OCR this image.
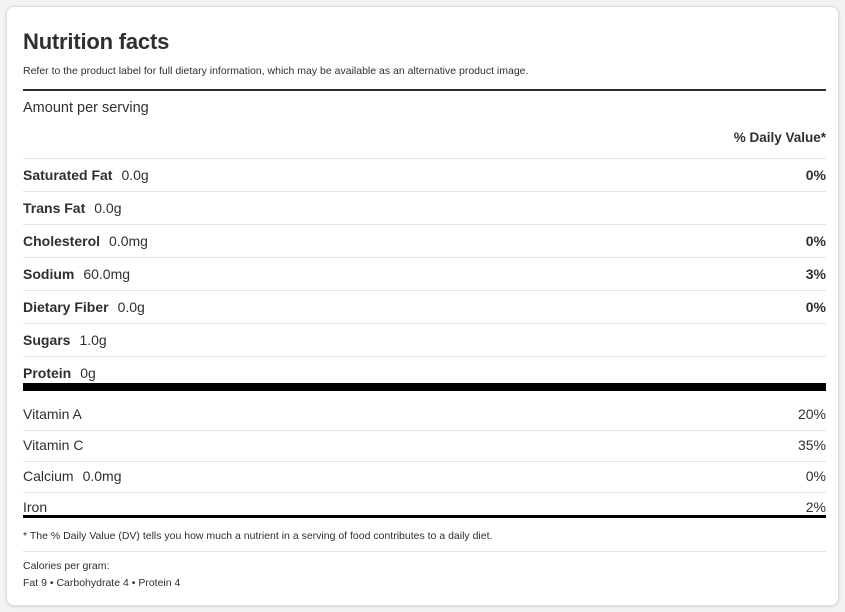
Nutrition facts
Refer to the product label for full dietary information, which may be available as an alternative product image.
Amount per serving
% Daily Value*
Saturated Fat 0.0g	0%
Trans Fat 0.0g
Cholesterol 0.0mg	0%
Sodium 60.0mg	3%
Dietary Fiber 0.0g	0%
Sugars 1.0g
Protein 0g
Vitamin A	20%
Vitamin C	35%
Calcium 0.0mg	0%
Iron	2%
* The % Daily Value (DV) tells you how much a nutrient in a serving of food contributes to a daily diet.
Calories per gram:
Fat 9 • Carbohydrate 4 • Protein 4
